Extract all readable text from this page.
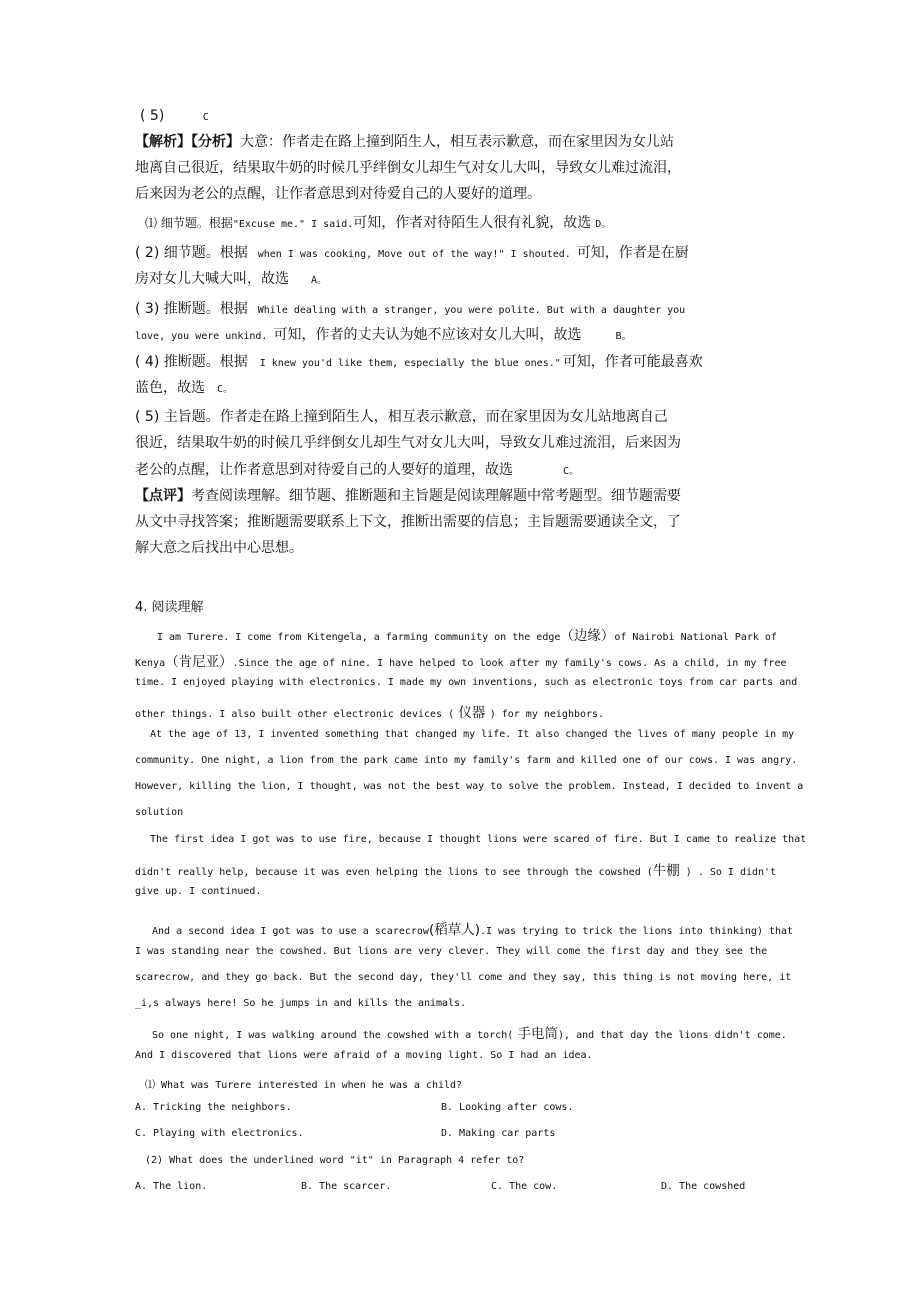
( 5)	C
【解析】【分析】大意：作者走在路上撞到陌生人，相互表示歉意，而在家里因为女儿站
地离自己很近，结果取牛奶的时候几乎绊倒女儿却生气对女儿大叫，导致女儿难过流泪，
后来因为老公的点醒，让作者意思到对待爱自己的人要好的道理。
⑴ 细节题。根据"Excuse me." I said.可知，作者对待陌生人很有礼貌，故选 D。
( 2) 细节题。根据 when I was cooking, Move out of the way!" I shouted. 可知，作者是在厨
房对女儿大喊大叫，故选 A。
( 3) 推断题。根据 While dealing with a stranger, you were polite. But with a daughter you
love, you were unkind. 可知，作者的丈夫认为她不应该对女儿大叫，故选	B。
( 4) 推断题。根据 I knew you'd like them, especially the blue ones." 可知，作者可能最喜欢
蓝色，故选 C。
( 5) 主旨题。作者走在路上撞到陌生人，相互表示歉意，而在家里因为女儿站地离自己
很近，结果取牛奶的时候几乎绊倒女儿却生气对女儿大叫，导致女儿难过流泪，后来因为
老公的点醒，让作者意思到对待爱自己的人要好的道理，故选	C。
【点评】考查阅读理解。细节题、推断题和主旨题是阅读理解题中常考题型。细节题需要
从文中寻找答案；推断题需要联系上下文，推断出需要的信息；主旨题需要通读全文，了
解大意之后找出中心思想。
4. 阅读理解
I am Turere. I come from Kitengela, a farming community on the edge（边缘）of Nairobi National Park of
Kenya（肯尼亚）.Since the age of nine. I have helped to look after my family's cows. As a child, in my free
time. I enjoyed playing with electronics. I made my own inventions, such as electronic toys from car parts and
other things. I also built other electronic devices ( 仪器 ) for my neighbors.
At the age of 13, I invented something that changed my life. It also changed the lives of many people in my
community. One night, a lion from the park came into my family's farm and killed one of our cows. I was angry.
However, killing the lion, I thought, was not the best way to solve the problem. Instead, I decided to invent a
solution
The first idea I got was to use fire, because I thought lions were scared of fire. But I came to realize that
didn't really help, because it was even helping the lions to see through the cowshed (牛棚 ) . So I didn't
give up. I continued.
And a second idea I got was to use a scarecrow(稻草人).I was trying to trick the lions into thinking) that
I was standing near the cowshed. But lions are very clever. They will come the first day and they see the
scarecrow, and they go back. But the second day, they'll come and they say, this thing is not moving here, it
_i,s always here! So he jumps in and kills the animals.
So one night, I was walking around the cowshed with a torch( 手电筒), and that day the lions didn't come.
And I discovered that lions were afraid of a moving light. So I had an idea.
⑴ What was Turere interested in when he was a child?
A. Tricking the neighbors.	B. Looking after cows.
C. Playing with electronics.	D. Making car parts
(2) What does the underlined word "it" in Paragraph 4 refer to?
A. The lion.	B. The scarcer.	C. The cow.	D. The cowshed
